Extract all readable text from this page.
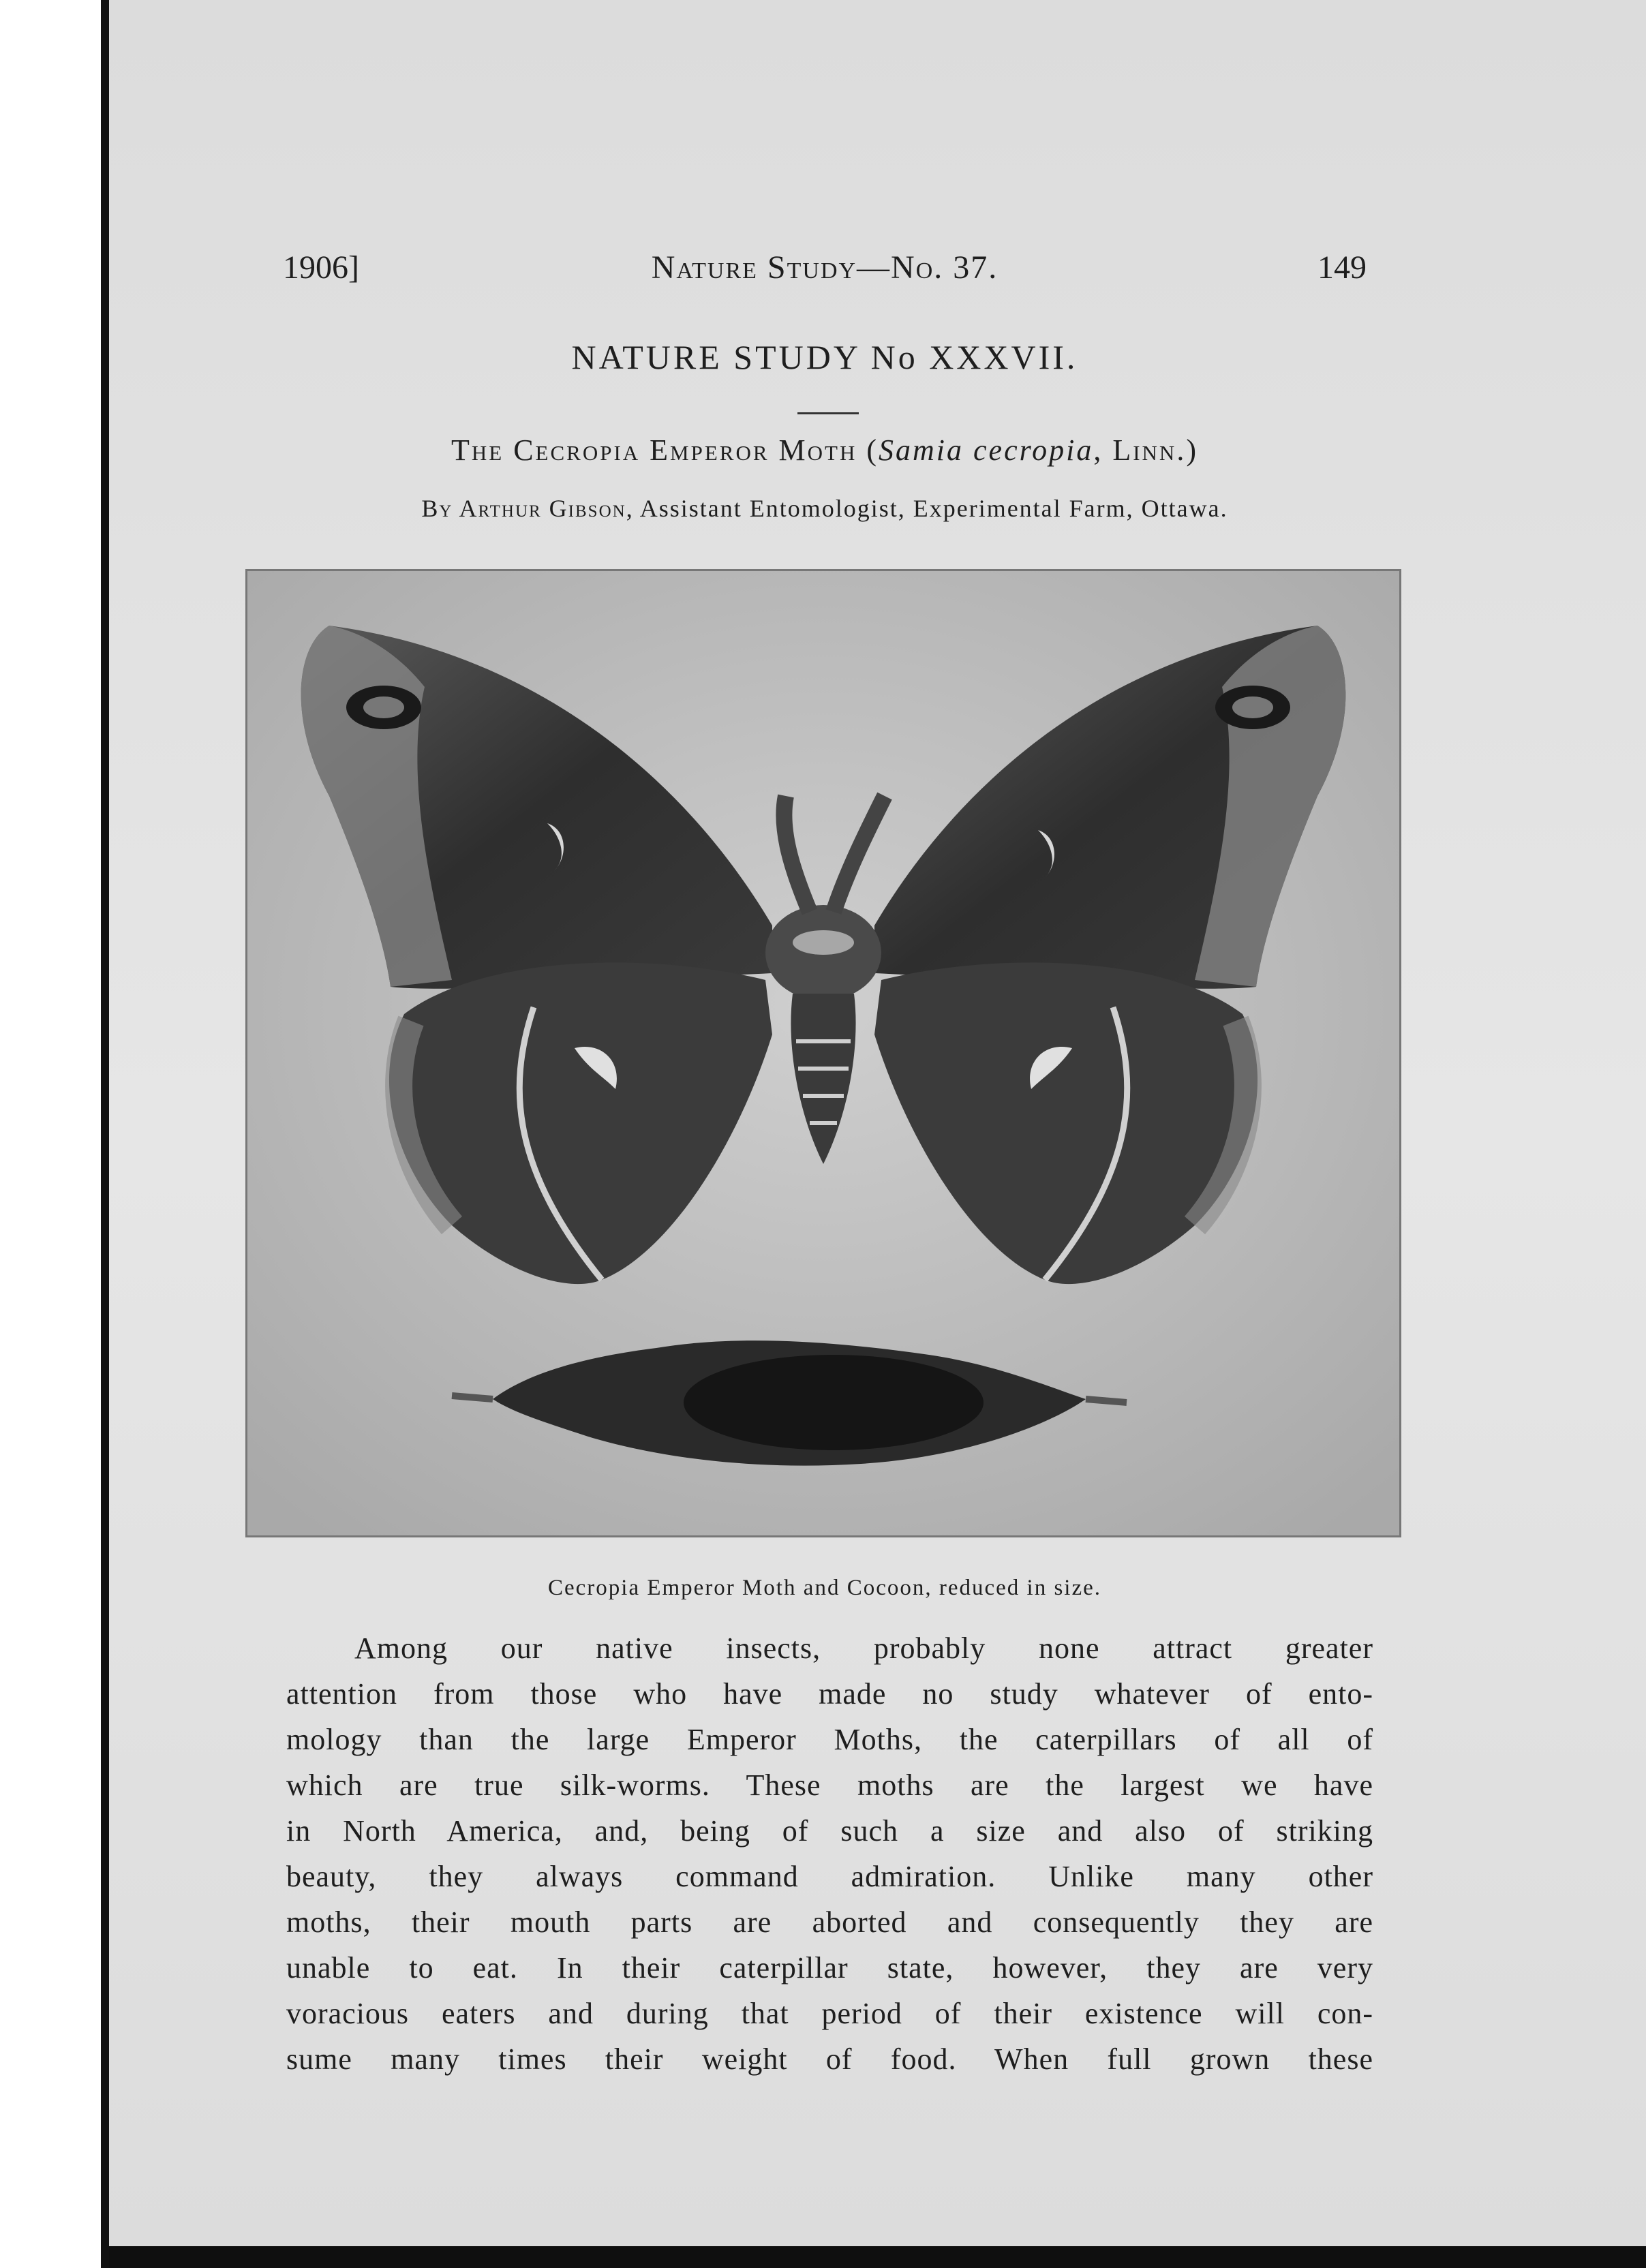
1906]	Nature Study—No. 37.	149
NATURE STUDY No XXXVII.
The Cecropia Emperor Moth (Samia cecropia, Linn.)
By Arthur Gibson, Assistant Entomologist, Experimental Farm, Ottawa.
Cecropia Emperor Moth and Cocoon, reduced in size.
Among our native insects, probably none attract greater
attention from those who have made no study whatever of ento-
mology than the large Emperor Moths, the caterpillars of all of
which are true silk-worms. These moths are the largest we have
in North America, and, being of such a size and also of striking
beauty, they always command admiration. Unlike many other
moths, their mouth parts are aborted and consequently they are
unable to eat. In their caterpillar state, however, they are very
voracious eaters and during that period of their existence will con-
sume many times their weight of food. When full grown these
